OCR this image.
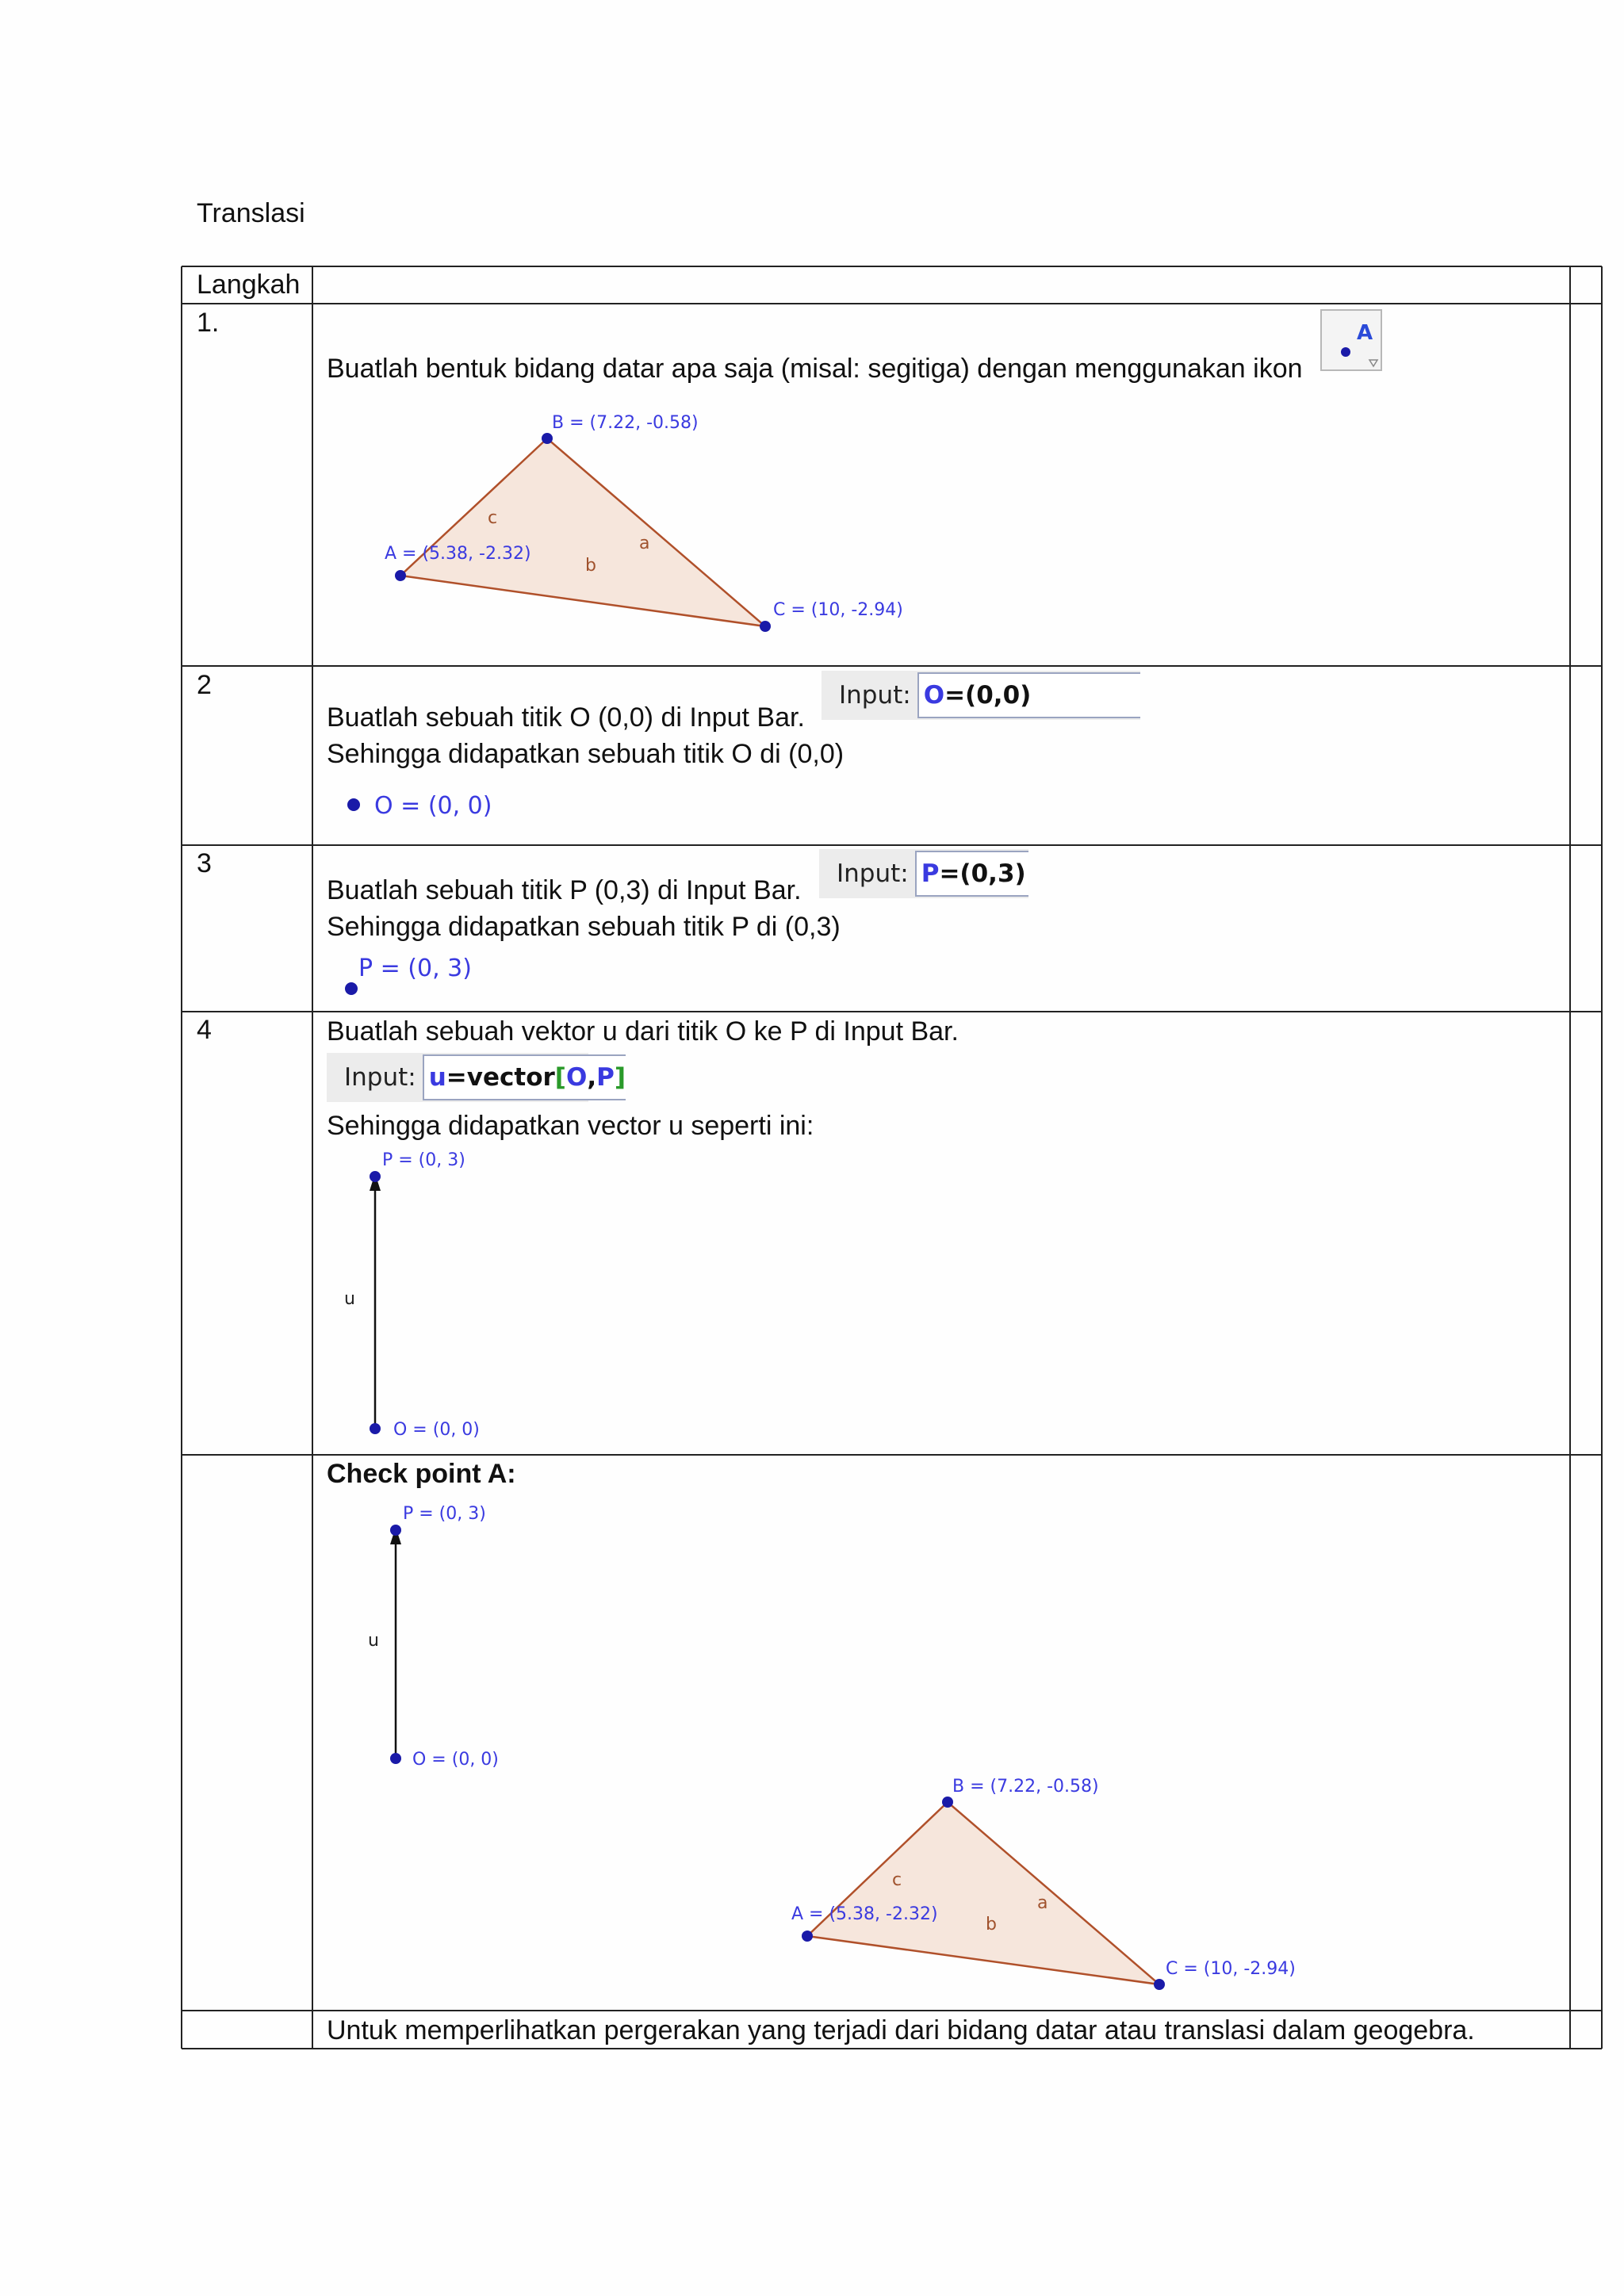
Translasi
Langkah
1.
Buatlah bentuk bidang datar apa saja (misal: segitiga) dengan menggunakan ikon
A
A = (5.38, -2.32)
B = (7.22, -0.58)
C = (10, -2.94)
c
a
b
2
Buatlah sebuah titik O (0,0) di Input Bar.
Sehingga didapatkan sebuah titik O di (0,0)
Input: O =(0,0)
O = (0, 0)
3
Buatlah sebuah titik P (0,3) di Input Bar.
Sehingga didapatkan sebuah titik P di (0,3)
Input: P =(0,3)
P = (0, 3)
4	Buatlah sebuah vektor u dari titik O ke P di Input Bar.
Input: u =vector [ O , P ]
Sehingga didapatkan vector u seperti ini:
P = (0, 3)
O = (0, 0)
u
Check point A:
P = (0, 3)
O = (0, 0)
u
A = (5.38, -2.32)
B = (7.22, -0.58)
C = (10, -2.94)
c
a
b
Untuk memperlihatkan pergerakan yang terjadi dari bidang datar atau translasi dalam geogebra.
